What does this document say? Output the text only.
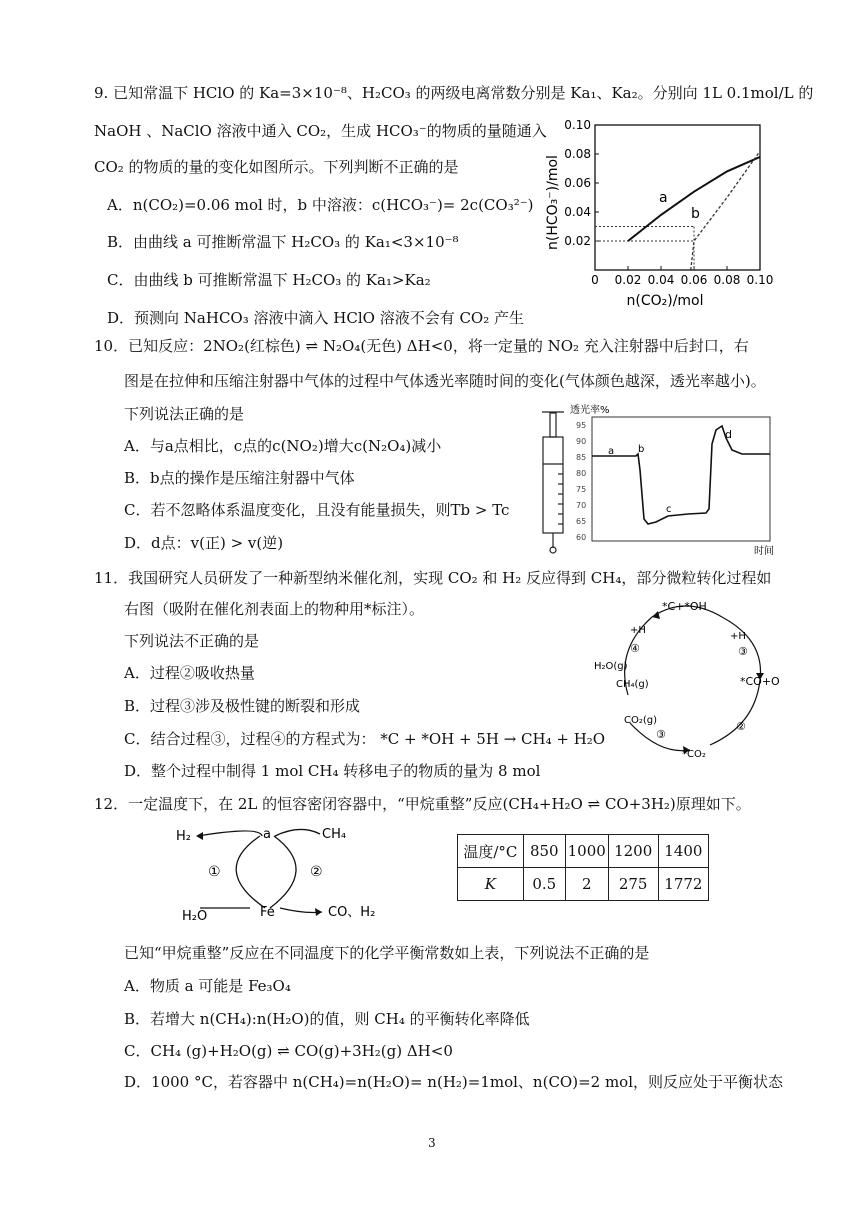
9. 已知常温下 HClO 的 Ka=3×10⁻⁸、H₂CO₃ 的两级电离常数分别是 Ka₁、Ka₂。分别向 1L 0.1mol/L 的
NaOH 、NaClO 溶液中通入 CO₂，生成 HCO₃⁻的物质的量随通入
CO₂ 的物质的量的变化如图所示。下列判断不正确的是
A．n(CO₂)=0.06 mol 时，b 中溶液：c(HCO₃⁻)= 2c(CO₃²⁻)
B．由曲线 a 可推断常温下 H₂CO₃ 的 Ka₁<3×10⁻⁸
C．由曲线 b 可推断常温下 H₂CO₃ 的 Ka₁>Ka₂
D．预测向 NaHCO₃ 溶液中滴入 HClO 溶液不会有 CO₂ 产生
0 0.02 0.04 0.06 0.08 0.10
0.02
0.04
0.06
0.08
0.10
n(HCO₃⁻)/mol
n(CO₂)/mol
a
b
10．已知反应：2NO₂(红棕色) ⇌ N₂O₄(无色) ΔH<0，将一定量的 NO₂ 充入注射器中后封口，右
图是在拉伸和压缩注射器中气体的过程中气体透光率随时间的变化(气体颜色越深，透光率越小)。
下列说法正确的是
A．与a点相比，c点的c(NO₂)增大c(N₂O₄)减小
B．b点的操作是压缩注射器中气体
C．若不忽略体系温度变化，且没有能量损失，则Tb > Tc
D．d点：v(正) > v(逆)
透光率%
95
90
85
80
75
70
65
60
a b
c
d
时间
11．我国研究人员研发了一种新型纳米催化剂，实现 CO₂ 和 H₂ 反应得到 CH₄，部分微粒转化过程如
右图（吸附在催化剂表面上的物种用*标注）。
下列说法不正确的是
A．过程②吸收热量
B．过程③涉及极性键的断裂和形成
C．结合过程③，过程④的方程式为： *C + *OH + 5H → CH₄ + H₂O
D．整个过程中制得 1 mol CH₄ 转移电子的物质的量为 8 mol
*C+*OH
+H
+H
④	③
H₂O(g)
CH₄(g)	*CO+O
②
CO₂(g)
③
*CO₂
12．一定温度下，在 2L 的恒容密闭容器中，“甲烷重整”反应(CH₄+H₂O ⇌ CO+3H₂)原理如下。
H₂	a	CH₄
①	②
H₂O	Fe	CO、H₂
温度/°C	850	1000	1200	1400
K	0.5	2	275	1772
已知“甲烷重整”反应在不同温度下的化学平衡常数如上表，下列说法不正确的是
A．物质 a 可能是 Fe₃O₄
B．若增大 n(CH₄):n(H₂O)的值，则 CH₄ 的平衡转化率降低
C．CH₄ (g)+H₂O(g) ⇌ CO(g)+3H₂(g) ΔH<0
D．1000 °C，若容器中 n(CH₄)=n(H₂O)= n(H₂)=1mol、n(CO)=2 mol，则反应处于平衡状态
3
